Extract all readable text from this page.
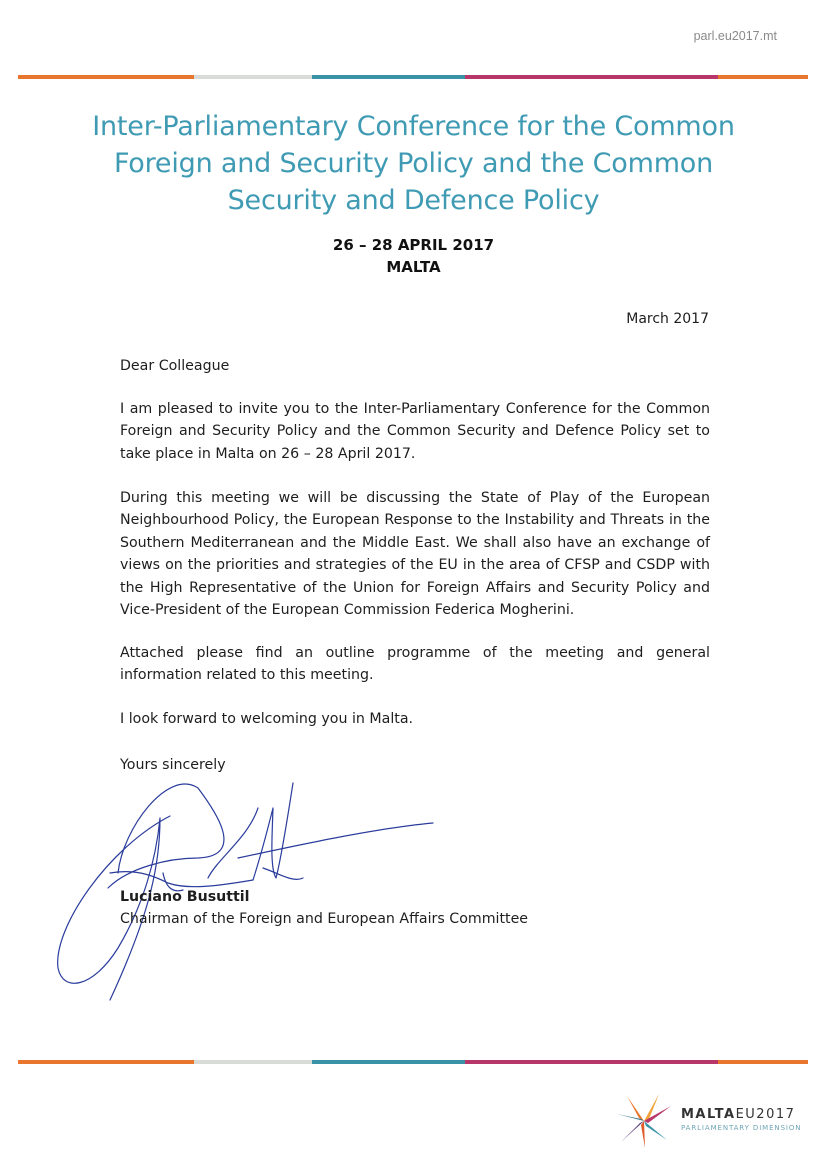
parl.eu2017.mt
Inter-Parliamentary Conference for the Common Foreign and Security Policy and the Common Security and Defence Policy
26 – 28 APRIL 2017
MALTA
March 2017
Dear Colleague
I am pleased to invite you to the Inter-Parliamentary Conference for the Common Foreign and Security Policy and the Common Security and Defence Policy set to take place in Malta on 26 – 28 April 2017.
During this meeting we will be discussing the State of Play of the European Neighbourhood Policy, the European Response to the Instability and Threats in the Southern Mediterranean and the Middle East. We shall also have an exchange of views on the priorities and strategies of the EU in the area of CFSP and CSDP with the High Representative of the Union for Foreign Affairs and Security Policy and Vice-President of the European Commission Federica Mogherini.
Attached please find an outline programme of the meeting and general information related to this meeting.
I look forward to welcoming you in Malta.
Yours sincerely
Luciano Busuttil
Chairman of the Foreign and European Affairs Committee
MALTAEU2017
PARLIAMENTARY DIMENSION
